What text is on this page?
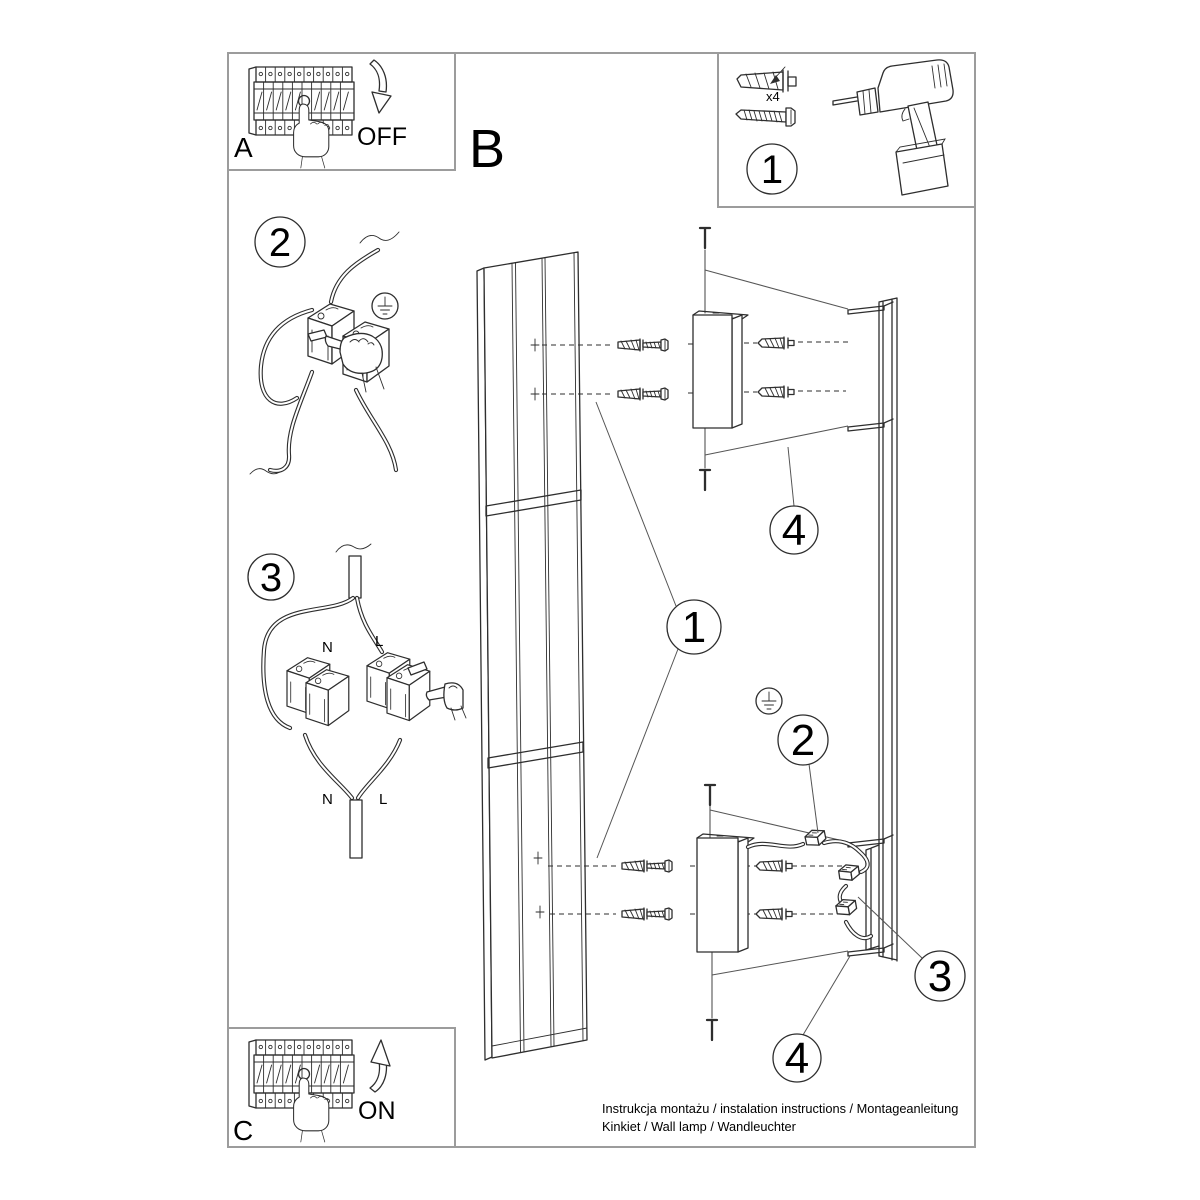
OFF
A	B
x4
1
2
3
N	L
N	L
1
4
2
3
4
ON
C
Instrukcja montażu / instalation instructions / Montageanleitung
Kinkiet / Wall lamp / Wandleuchter
